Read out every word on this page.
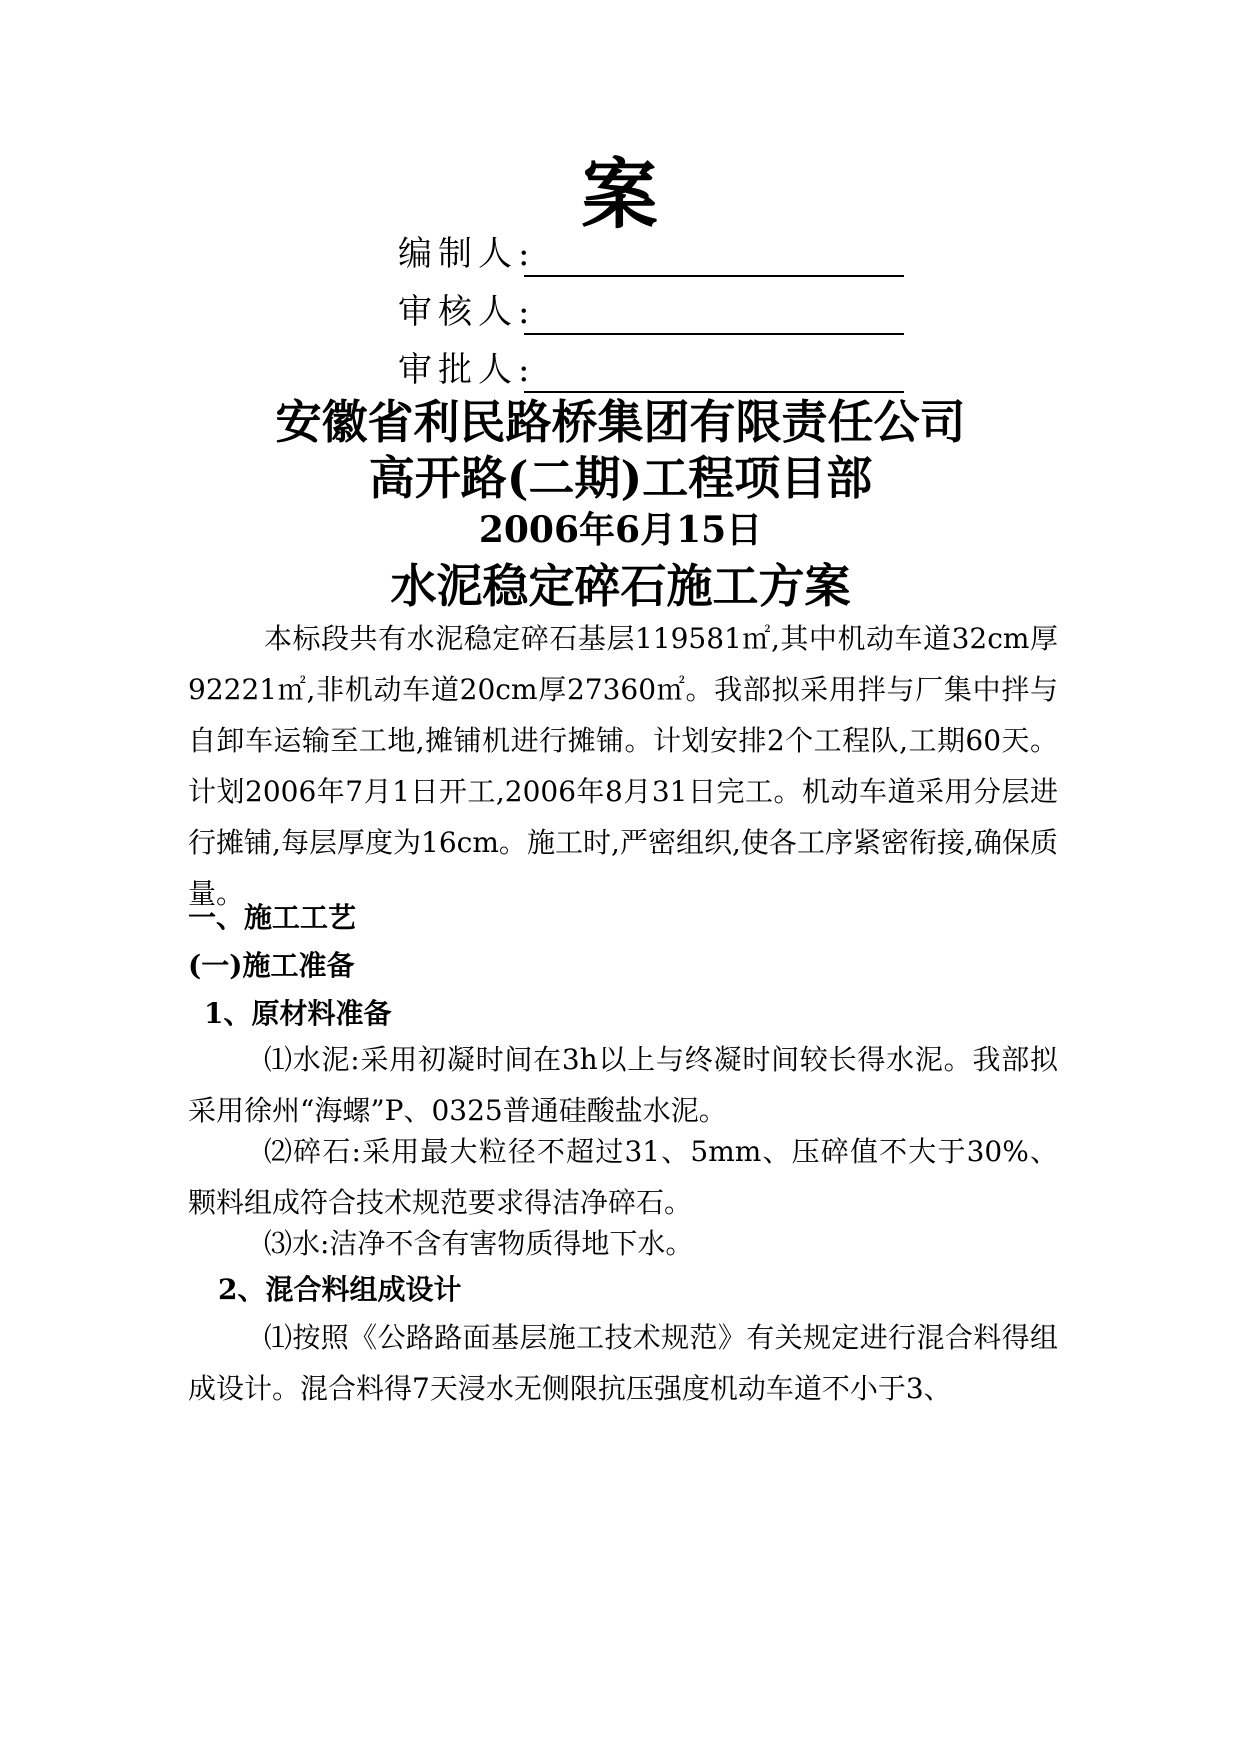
案
编制人:
审核人:
审批人:
安徽省利民路桥集团有限责任公司
高开路(二期)工程项目部
2006年6月15日
水泥稳定碎石施工方案
本标段共有水泥稳定碎石基层119581㎡,其中机动车道32cm厚92221㎡,非机动车道20cm厚27360㎡。我部拟采用拌与厂集中拌与自卸车运输至工地,摊铺机进行摊铺。计划安排2个工程队,工期60天。计划2006年7月1日开工,2006年8月31日完工。机动车道采用分层进行摊铺,每层厚度为16cm。施工时,严密组织,使各工序紧密衔接,确保质量。
一、施工工艺
(一)施工准备
1、原材料准备
⑴水泥:采用初凝时间在3h以上与终凝时间较长得水泥。我部拟采用徐州“海螺”P、0325普通硅酸盐水泥。
⑵碎石:采用最大粒径不超过31、5mm、压碎值不大于30%、颗料组成符合技术规范要求得洁净碎石。
⑶水:洁净不含有害物质得地下水。
2、混合料组成设计
⑴按照《公路路面基层施工技术规范》有关规定进行混合料得组成设计。混合料得7天浸水无侧限抗压强度机动车道不小于3、
